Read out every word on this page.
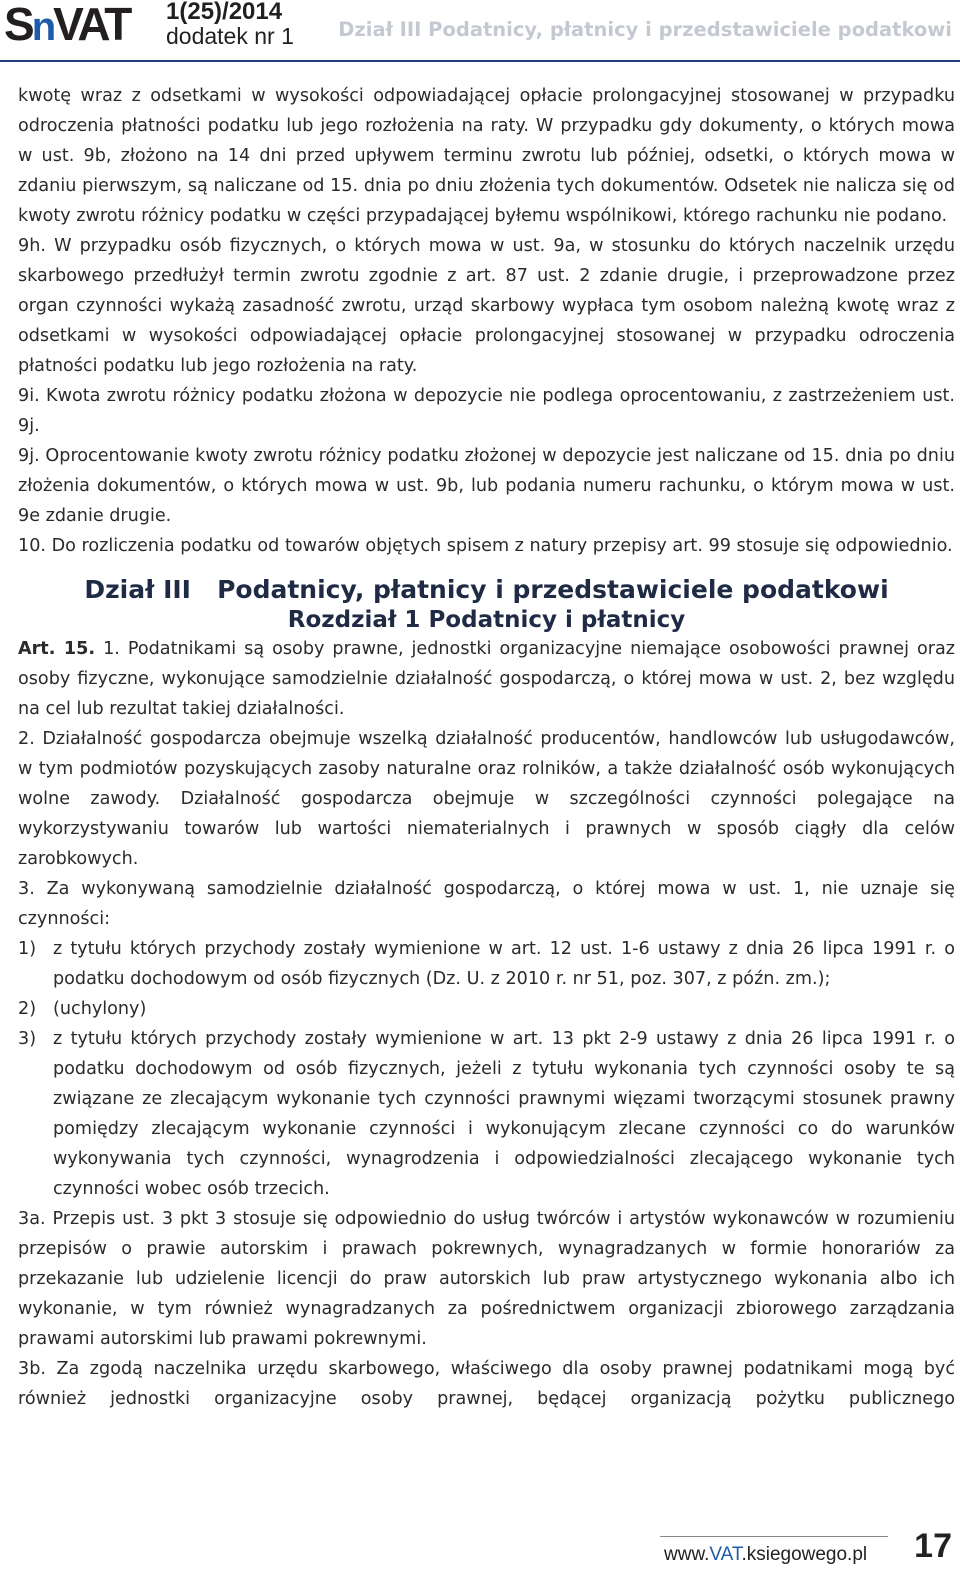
SnVAT 1(25)/2014
dodatek nr 1 Dział III Podatnicy, płatnicy i przedstawiciele podatkowi

kwotę wraz z odsetkami w wysokości odpowiadającej opłacie prolongacyjnej stosowanej w przypadku odroczenia płatności podatku lub jego rozłożenia na raty. W przypadku gdy dokumenty, o których mowa w ust. 9b, złożono na 14 dni przed upływem terminu zwrotu lub później, odsetki, o których mowa w zdaniu pierwszym, są naliczane od 15. dnia po dniu złożenia tych dokumentów. Odsetek nie nalicza się od kwoty zwrotu różnicy podatku w części przypadającej byłemu wspólnikowi, którego rachunku nie podano.

9h. W przypadku osób fizycznych, o których mowa w ust. 9a, w stosunku do których naczelnik urzędu skarbowego przedłużył termin zwrotu zgodnie z art. 87 ust. 2 zdanie drugie, i przeprowadzone przez organ czynności wykażą zasadność zwrotu, urząd skarbowy wypłaca tym osobom należną kwotę wraz z odsetkami w wysokości odpowiadającej opłacie prolongacyjnej stosowanej w przypadku odroczenia płatności podatku lub jego rozłożenia na raty.

9i. Kwota zwrotu różnicy podatku złożona w depozycie nie podlega oprocentowaniu, z zastrzeżeniem ust. 9j.

9j. Oprocentowanie kwoty zwrotu różnicy podatku złożonej w depozycie jest naliczane od 15. dnia po dniu złożenia dokumentów, o których mowa w ust. 9b, lub podania numeru rachunku, o którym mowa w ust. 9e zdanie drugie.

10. Do rozliczenia podatku od towarów objętych spisem z natury przepisy art. 99 stosuje się odpowiednio.

Dział III   Podatnicy, płatnicy i przedstawiciele podatkowi
Rozdział 1 Podatnicy i płatnicy

Art. 15. 1. Podatnikami są osoby prawne, jednostki organizacyjne niemające osobowości prawnej oraz osoby fizyczne, wykonujące samodzielnie działalność gospodarczą, o której mowa w ust. 2, bez względu na cel lub rezultat takiej działalności.

2. Działalność gospodarcza obejmuje wszelką działalność producentów, handlowców lub usługodawców, w tym podmiotów pozyskujących zasoby naturalne oraz rolników, a także działalność osób wykonujących wolne zawody. Działalność gospodarcza obejmuje w szczególności czynności polegające na wykorzystywaniu towarów lub wartości niematerialnych i prawnych w sposób ciągły dla celów zarobkowych.

3. Za wykonywaną samodzielnie działalność gospodarczą, o której mowa w ust. 1, nie uznaje się czynności:

1) z tytułu których przychody zostały wymienione w art. 12 ust. 1-6 ustawy z dnia 26 lipca 1991 r. o podatku dochodowym od osób fizycznych (Dz. U. z 2010 r. nr 51, poz. 307, z późn. zm.);
2) (uchylony)
3) z tytułu których przychody zostały wymienione w art. 13 pkt 2-9 ustawy z dnia 26 lipca 1991 r. o podatku dochodowym od osób fizycznych, jeżeli z tytułu wykonania tych czynności osoby te są związane ze zlecającym wykonanie tych czynności prawnymi więzami tworzącymi stosunek prawny pomiędzy zlecającym wykonanie czynności i wykonującym zlecane czynności co do warunków wykonywania tych czynności, wynagrodzenia i odpowiedzialności zlecającego wykonanie tych czynności wobec osób trzecich.

3a. Przepis ust. 3 pkt 3 stosuje się odpowiednio do usług twórców i artystów wykonawców w rozumieniu przepisów o prawie autorskim i prawach pokrewnych, wynagradzanych w formie honorariów za przekazanie lub udzielenie licencji do praw autorskich lub praw artystycznego wykonania albo ich wykonanie, w tym również wynagradzanych za pośrednictwem organizacji zbiorowego zarządzania prawami autorskimi lub prawami pokrewnymi.

3b. Za zgodą naczelnika urzędu skarbowego, właściwego dla osoby prawnej podatnikami mogą być również jednostki organizacyjne osoby prawnej, będącej organizacją pożytku publicznego

www.VAT.ksiegowego.pl 17
